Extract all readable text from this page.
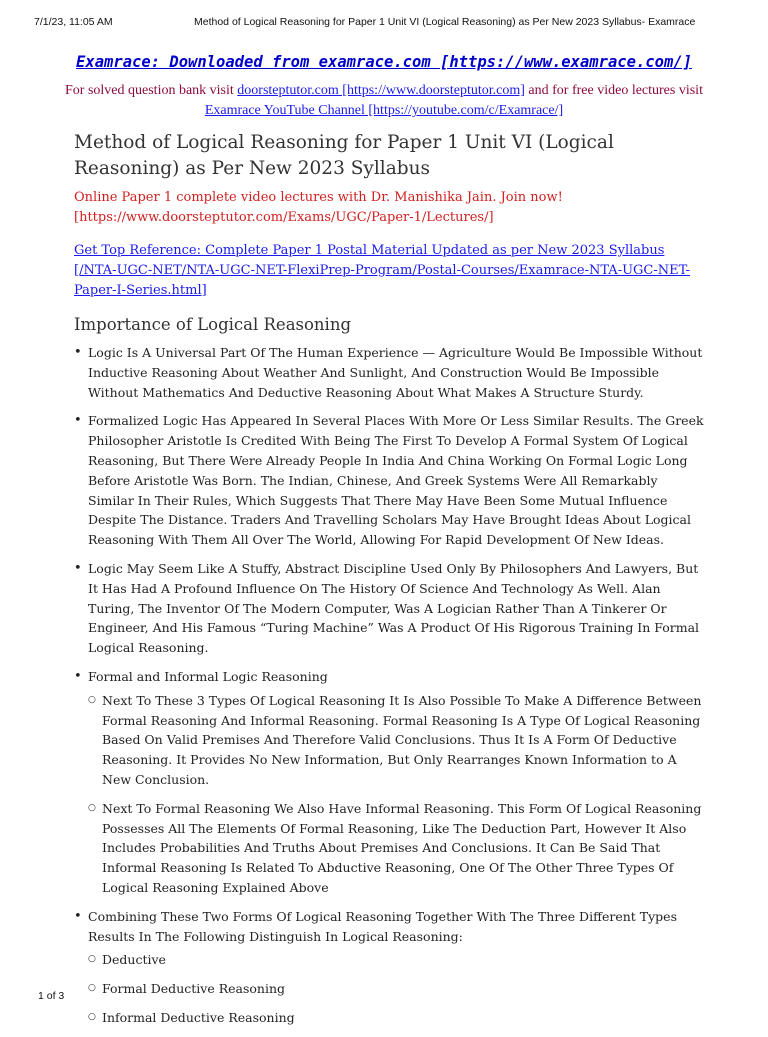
7/1/23, 11:05 AM	Method of Logical Reasoning for Paper 1 Unit VI (Logical Reasoning) as Per New 2023 Syllabus- Examrace
Examrace: Downloaded from examrace.com [https://www.examrace.com/]
For solved question bank visit doorsteptutor.com [https://www.doorsteptutor.com] and for free video lectures visit Examrace YouTube Channel [https://youtube.com/c/Examrace/]
Method of Logical Reasoning for Paper 1 Unit VI (Logical Reasoning) as Per New 2023 Syllabus
Online Paper 1 complete video lectures with Dr. Manishika Jain. Join now! [https://www.doorsteptutor.com/Exams/UGC/Paper-1/Lectures/]
Get Top Reference: Complete Paper 1 Postal Material Updated as per New 2023 Syllabus [/NTA-UGC-NET/NTA-UGC-NET-FlexiPrep-Program/Postal-Courses/Examrace-NTA-UGC-NET-Paper-I-Series.html]
Importance of Logical Reasoning
• Logic Is A Universal Part Of The Human Experience — Agriculture Would Be Impossible Without Inductive Reasoning About Weather And Sunlight, And Construction Would Be Impossible Without Mathematics And Deductive Reasoning About What Makes A Structure Sturdy.
• Formalized Logic Has Appeared In Several Places With More Or Less Similar Results. The Greek Philosopher Aristotle Is Credited With Being The First To Develop A Formal System Of Logical Reasoning, But There Were Already People In India And China Working On Formal Logic Long Before Aristotle Was Born. The Indian, Chinese, And Greek Systems Were All Remarkably Similar In Their Rules, Which Suggests That There May Have Been Some Mutual Influence Despite The Distance. Traders And Travelling Scholars May Have Brought Ideas About Logical Reasoning With Them All Over The World, Allowing For Rapid Development Of New Ideas.
• Logic May Seem Like A Stuffy, Abstract Discipline Used Only By Philosophers And Lawyers, But It Has Had A Profound Influence On The History Of Science And Technology As Well. Alan Turing, The Inventor Of The Modern Computer, Was A Logician Rather Than A Tinkerer Or Engineer, And His Famous “Turing Machine” Was A Product Of His Rigorous Training In Formal Logical Reasoning.
• Formal and Informal Logic Reasoning
○ Next To These 3 Types Of Logical Reasoning It Is Also Possible To Make A Difference Between Formal Reasoning And Informal Reasoning. Formal Reasoning Is A Type Of Logical Reasoning Based On Valid Premises And Therefore Valid Conclusions. Thus It Is A Form Of Deductive Reasoning. It Provides No New Information, But Only Rearranges Known Information to A New Conclusion.
○ Next To Formal Reasoning We Also Have Informal Reasoning. This Form Of Logical Reasoning Possesses All The Elements Of Formal Reasoning, Like The Deduction Part, However It Also Includes Probabilities And Truths About Premises And Conclusions. It Can Be Said That Informal Reasoning Is Related To Abductive Reasoning, One Of The Other Three Types Of Logical Reasoning Explained Above
• Combining These Two Forms Of Logical Reasoning Together With The Three Different Types Results In The Following Distinguish In Logical Reasoning:
○ Deductive
○ Formal Deductive Reasoning
○ Informal Deductive Reasoning
1 of 3
